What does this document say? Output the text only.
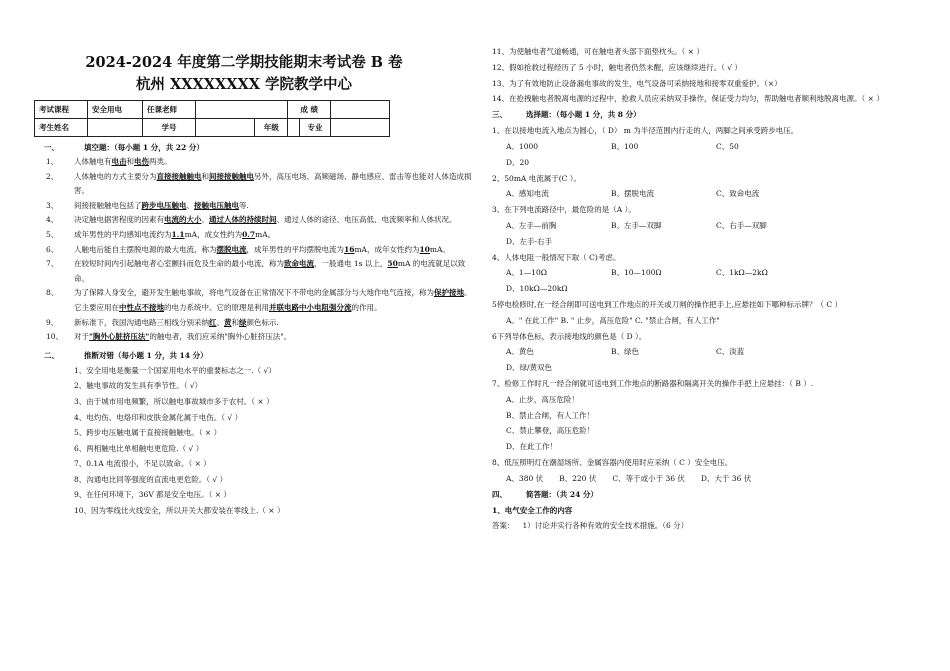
2024-2024 年度第二学期技能期末考试卷 B 卷
杭州 XXXXXXXX 学院教学中心
考试课程	安全用电	任课老师			成 绩		
考生姓名		学号		年级		专业	
一、	填空题：（每小题 1 分，共 22 分）
1、	人体触电有电击和电伤两类。
2、	人体触电的方式主要分为直接接触触电和间接接触触电另外，高压电场、高频磁场、静电感应、雷击等也能对人体造成损害。
3、	间接接触触电包括了跨步电压触电、接触电压触电等.
4、	决定触电据害程度的因素有电流的大小、通过人体的持续时间、通过人体的途径、电压高低、电流频率和人体状况。
5、	成年男性的平均感知电流约为1.1mA，成女性约为0.7mA。
6、	人触电后能自主摆脱电源的最大电流，称为摆脱电流，成年男性的平均摆脱电流为16mA，成年女性约为10mA。
7、	在较短时间内引起触电者心室颤抖而危及生命的最小电流，称为致命电流，一般通电 1s 以上，50mA 的电流就足以致命。
8、	为了保障人身安全，避开发生触电事故，将电气设备在正常情况下不带电的金属部分与大地作电气连接，称为保护接地。它主要应用在中性点不接地的电力系统中。它的原理是利用并联电路中小电阻强分流的作用。
9、	新标准下，我国沟通电路三相线分别采纳红、黄和绿颜色标示.
10、	对于"胸外心脏挤压法"的触电者，我们应采纳"胸外心脏挤压法"。
二、	推断对错（每小题 1 分，共 14 分）
1、安全用电是衡量一个国家用电水平的重要标志之一.（ √）
2、触电事故的发生具有季节性。（ √）
3、由于城市用电频繁，所以触电事故城市多于农村。（ × ）
4、电灼伤、电烙印和皮肤金属化属于电伤。（ √ ）
5、跨步电压触电属于直接接触触电。（ × ）
6、两相触电比单相触电更危险.（ √ ）
7、0.1A 电流很小，不足以致命。（ × ）
8、沟通电比同等强度的直流电更危险。（ √ ）
9、在任何环境下，36V 都是安全电压。（ × ）
10、因为零线比火线安全，所以开关大都安装在零线上.（ × ）
11、为使触电者气道畅通，可在触电者头部下面垫枕头。（ × ）
12、假如抢救过程经历了 5 小时，触电者仍然未醒，应该继续进行。（ √ ）
13、为了有效地防止设备漏电事故的发生，电气设备可采纳接地和接零双重爱护。（×）
14、在抢拽触电者脱离电源的过程中，抢救人员应采纳双手操作，保证受力均匀，帮助触电者顺利地脱离电源。（ × ）
三、	选择题：（每小题 1 分，共 8 分）
1、在以接地电流入地点为圆心，（ D） m 为半径范围内行走的人，两脚之间承受跨步电压。
A、1000	B、100	C、50
D、20
2、50mA 电流属于(C ）。
A、感知电流	B、摆脱电流	C、致命电流
3、在下列电流路径中，最危险的是（A ）。
A、左手—前胸	B、左手—双脚	C、右手—双脚
D、左手-右手
4、人体电阻一般情况下取（ C)考虑。
A、1—10Ω	B、10—100Ω	C、1kΩ—2kΩ
D、10kΩ—20kΩ
5停电检修时,在一经合闸即可送电到工作地点的开关或刀闸的操作把手上,应悬挂如下哪种标示牌？（ C ）
A。" 在此工作" B. " 止步，高压危险" C. "禁止合闸，有人工作"
6下列导体色标，表示接地线的颜色是（ D ）。
A、黄色	B、绿色	C、淡蓝
D、绿/黄双色
7、检修工作时凡一经合闸就可送电到工作地点的断路器和隔离开关的操作手把上应悬挂：（ B ）.
A、止步，高压危险！
B、禁止合闸，有人工作！
C、禁止攀登，高压危险！
D、在此工作！
8、低压照明灯在潮湿场所、金属容器内使用时应采纳（ C ）安全电压。
A、380 伏 B、220 伏 C、等于或小于 36 伏 D、大于 36 伏
四、	简答题：（共 24 分）
1、电气安全工作的内容
答案： 1）讨论并实行各种有效的安全技术措施。（6 分）
